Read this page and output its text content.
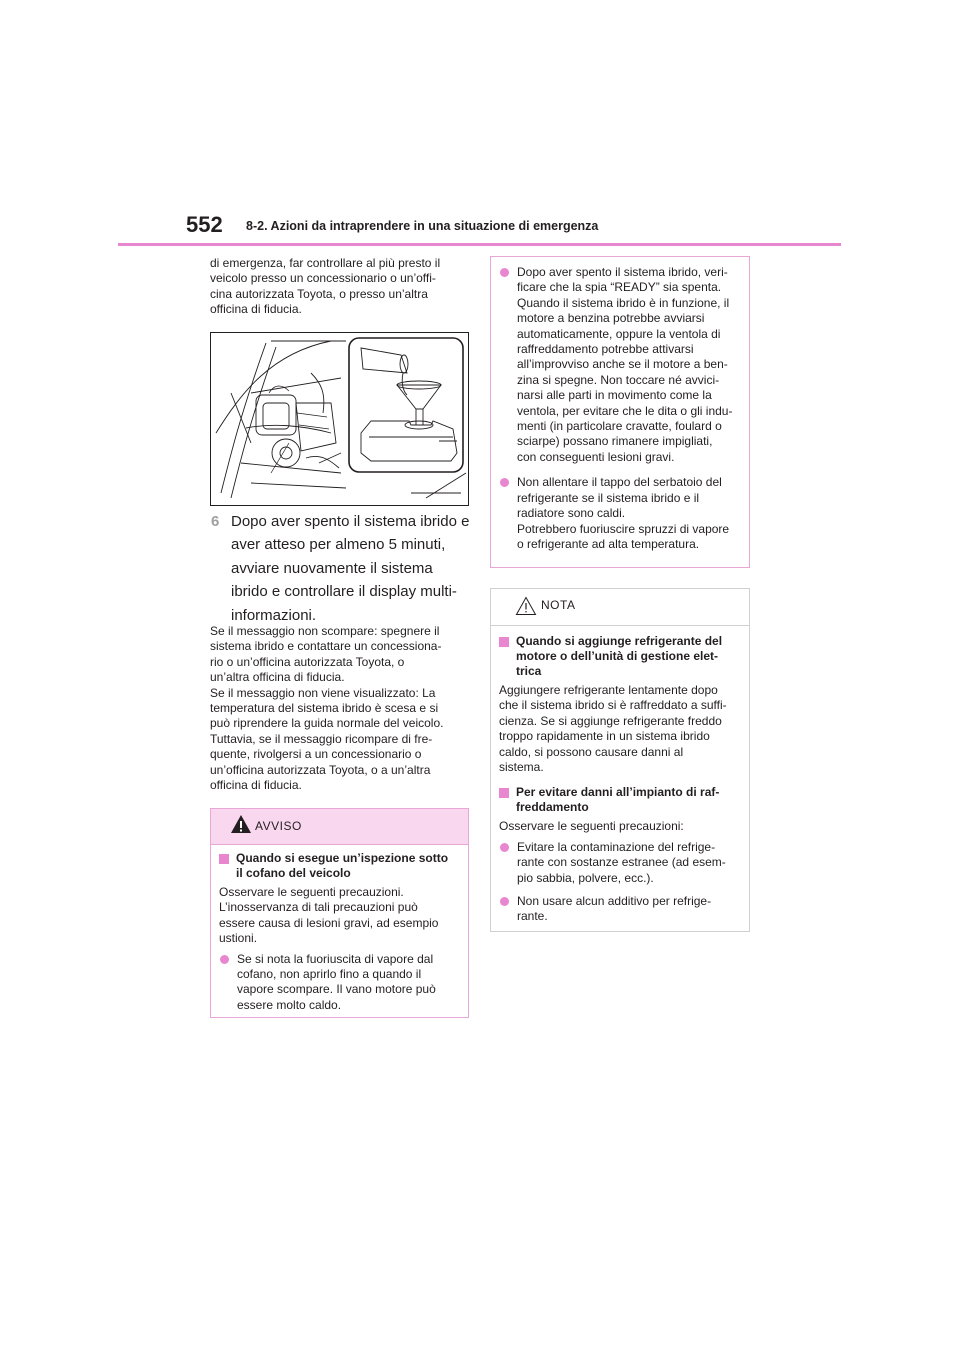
552 8-2. Azioni da intraprendere in una situazione di emergenza

di emergenza, far controllare al più presto il
veicolo presso un concessionario o un’offi-
cina autorizzata Toyota, o presso un’altra
officina di fiducia.

6 Dopo aver spento il sistema ibrido e
aver atteso per almeno 5 minuti,
avviare nuovamente il sistema
ibrido e controllare il display multi-
informazioni.

Se il messaggio non scompare: spegnere il
sistema ibrido e contattare un concessiona-
rio o un’officina autorizzata Toyota, o
un’altra officina di fiducia.
Se il messaggio non viene visualizzato: La
temperatura del sistema ibrido è scesa e si
può riprendere la guida normale del veicolo.
Tuttavia, se il messaggio ricompare di fre-
quente, rivolgersi a un concessionario o
un’officina autorizzata Toyota, o a un’altra
officina di fiducia.

AVVISO

Quando si esegue un’ispezione sotto
il cofano del veicolo

Osservare le seguenti precauzioni.
L’inosservanza di tali precauzioni può
essere causa di lesioni gravi, ad esempio
ustioni.

Se si nota la fuoriuscita di vapore dal
cofano, non aprirlo fino a quando il
vapore scompare. Il vano motore può
essere molto caldo.

Dopo aver spento il sistema ibrido, veri-
ficare che la spia “READY” sia spenta.
Quando il sistema ibrido è in funzione, il
motore a benzina potrebbe avviarsi
automaticamente, oppure la ventola di
raffreddamento potrebbe attivarsi
all’improvviso anche se il motore a ben-
zina si spegne. Non toccare né avvici-
narsi alle parti in movimento come la
ventola, per evitare che le dita o gli indu-
menti (in particolare cravatte, foulard o
sciarpe) possano rimanere impigliati,
con conseguenti lesioni gravi.

Non allentare il tappo del serbatoio del
refrigerante se il sistema ibrido e il
radiatore sono caldi.
Potrebbero fuoriuscire spruzzi di vapore
o refrigerante ad alta temperatura.

NOTA

Quando si aggiunge refrigerante del
motore o dell’unità di gestione elet-
trica

Aggiungere refrigerante lentamente dopo
che il sistema ibrido si è raffreddato a suffi-
cienza. Se si aggiunge refrigerante freddo
troppo rapidamente in un sistema ibrido
caldo, si possono causare danni al
sistema.

Per evitare danni all’impianto di raf-
freddamento

Osservare le seguenti precauzioni:

Evitare la contaminazione del refrige-
rante con sostanze estranee (ad esem-
pio sabbia, polvere, ecc.).

Non usare alcun additivo per refrige-
rante.
